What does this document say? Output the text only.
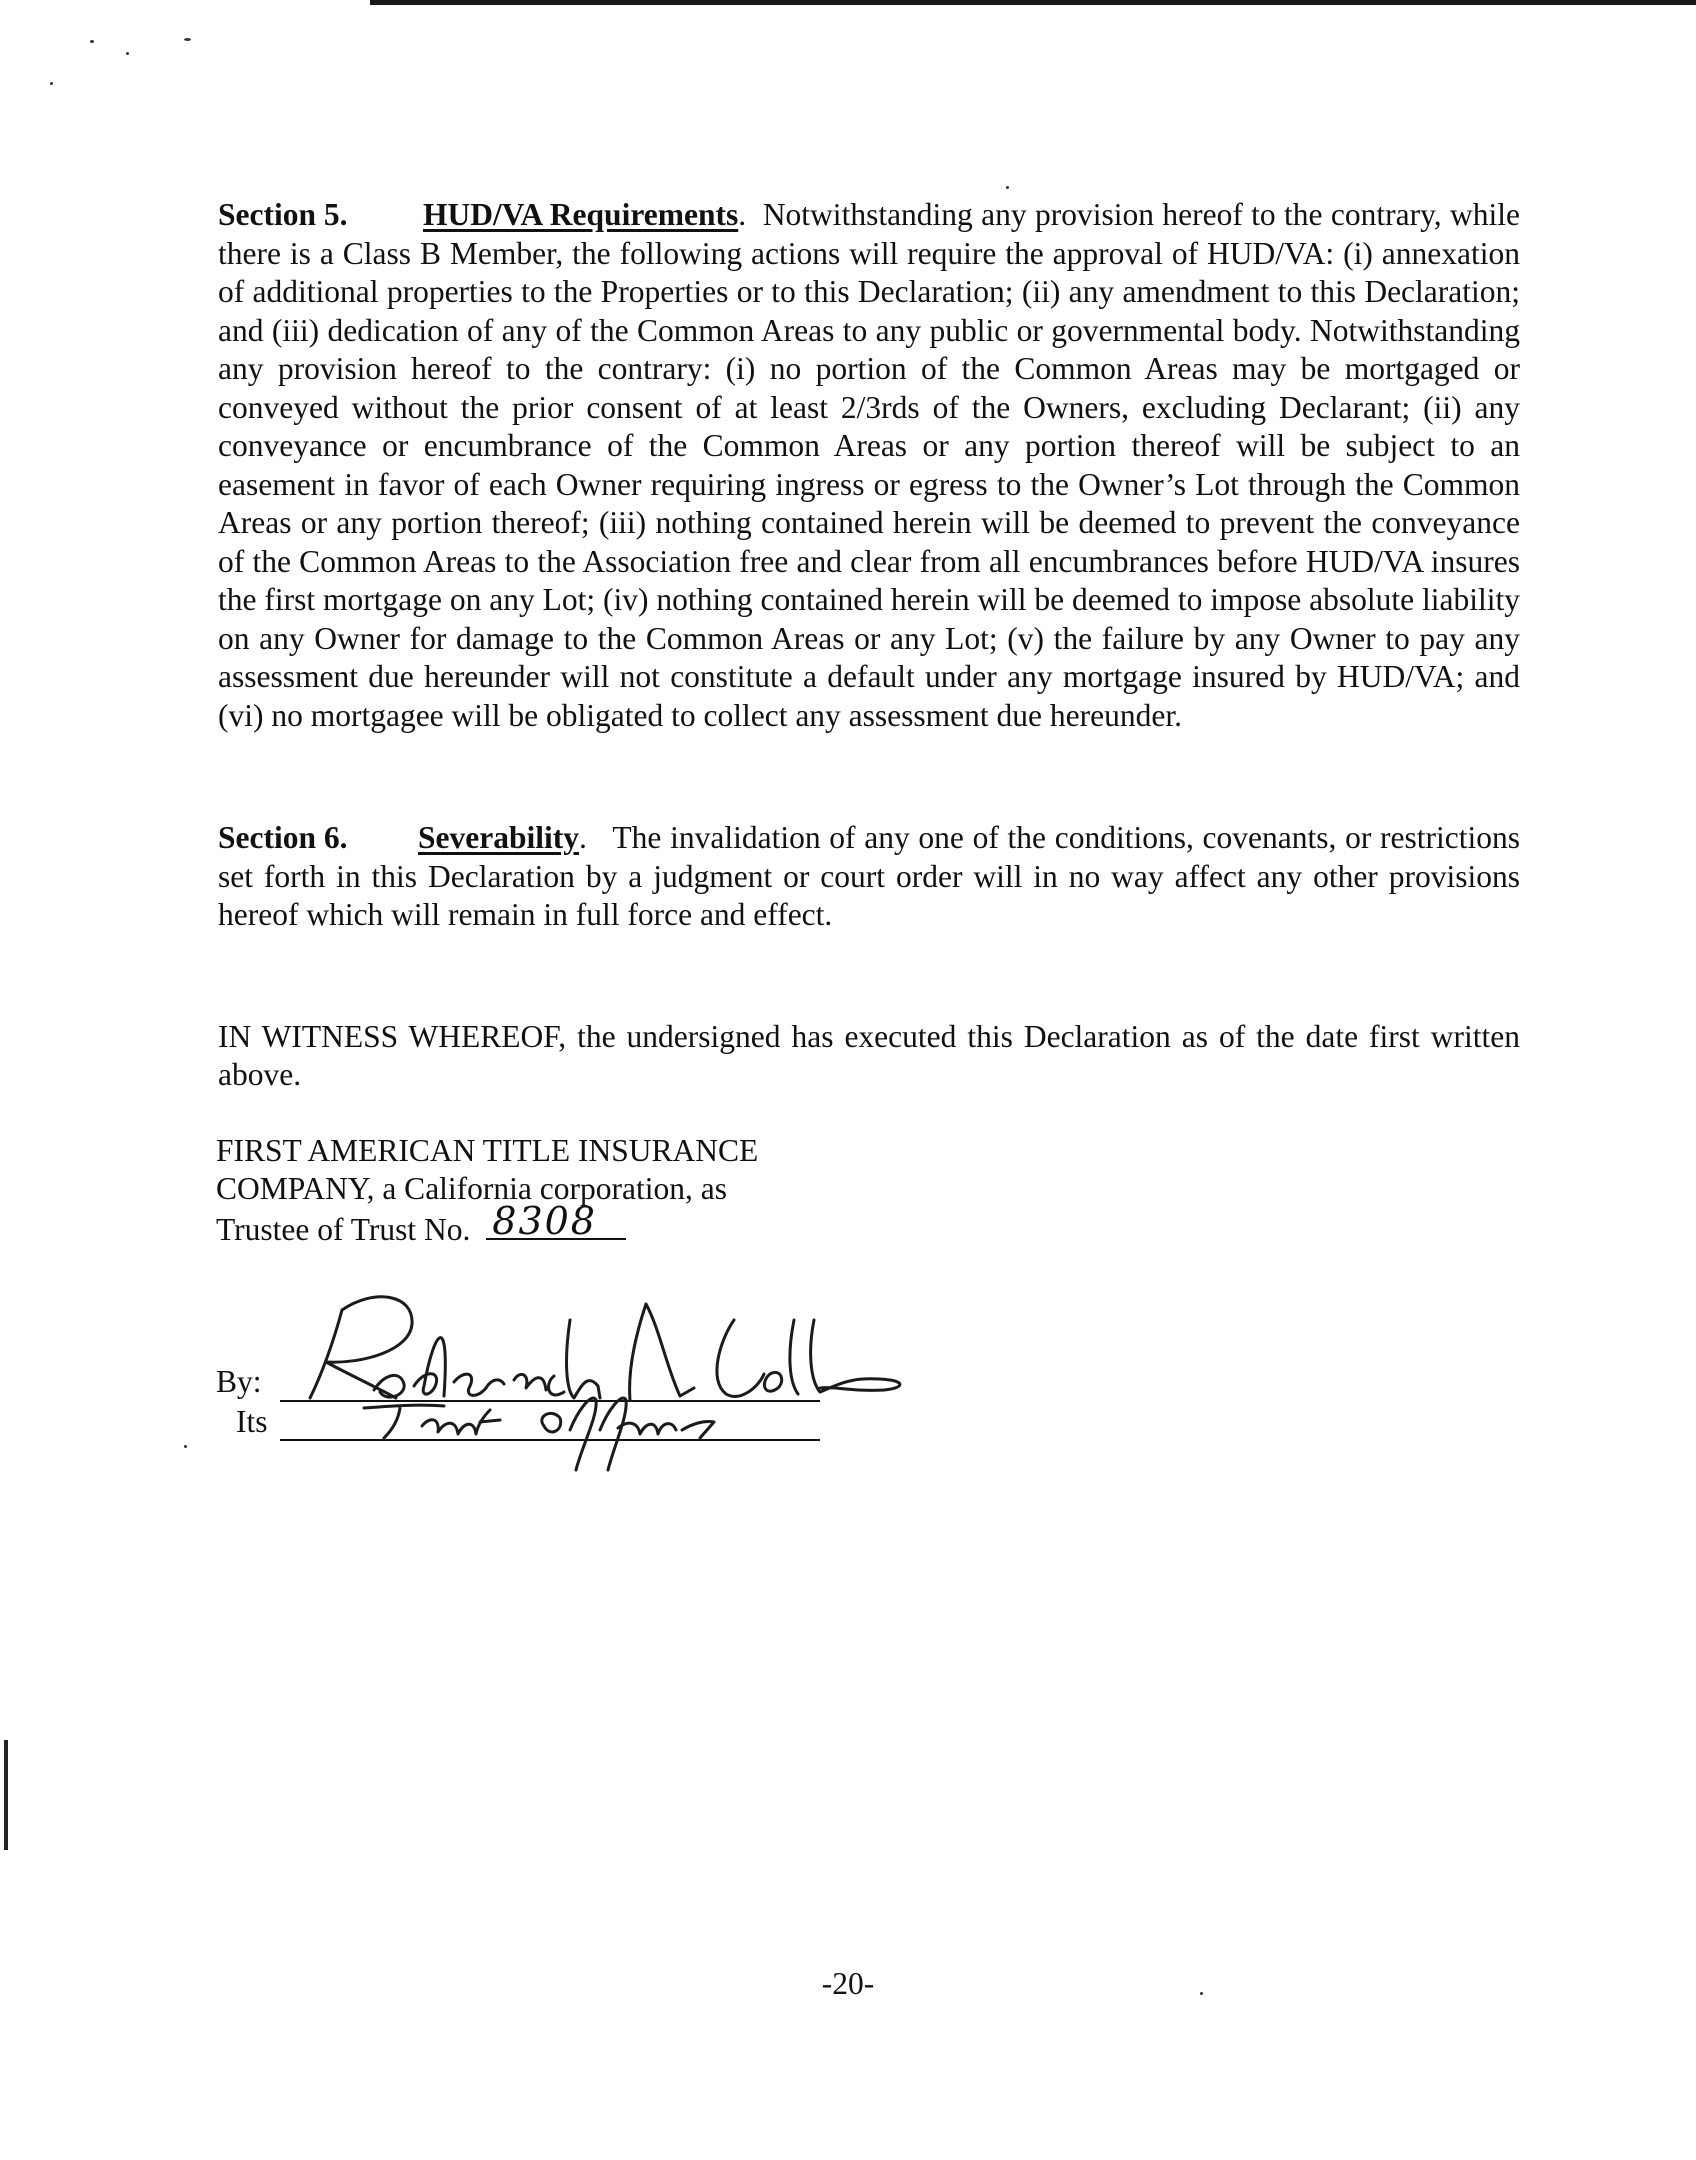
Section 5. HUD/VA Requirements.  Notwithstanding any provision hereof to the contrary, while there is a Class B Member, the following actions will require the approval of HUD/VA: (i) annexation of additional properties to the Properties or to this Declaration; (ii) any amendment to this Declaration; and (iii) dedication of any of the Common Areas to any public or governmental body. Notwithstanding any provision hereof to the contrary: (i) no portion of the Common Areas may be mortgaged or conveyed without the prior consent of at least 2/3rds of the Owners, excluding Declarant; (ii) any conveyance or encumbrance of the Common Areas or any portion thereof will be subject to an easement in favor of each Owner requiring ingress or egress to the Owner’s Lot through the Common Areas or any portion thereof; (iii) nothing contained herein will be deemed to prevent the conveyance of the Common Areas to the Association free and clear from all encumbrances before HUD/VA insures the first mortgage on any Lot; (iv) nothing contained herein will be deemed to impose absolute liability on any Owner for damage to the Common Areas or any Lot; (v) the failure by any Owner to pay any assessment due hereunder will not constitute a default under any mortgage insured by HUD/VA; and (vi) no mortgagee will be obligated to collect any assessment due hereunder.
Section 6. Severability.   The invalidation of any one of the conditions, covenants, or restrictions set forth in this Declaration by a judgment or court order will in no way affect any other provisions hereof which will remain in full force and effect.
IN WITNESS WHEREOF, the undersigned has executed this Declaration as of the date first written above.
FIRST AMERICAN TITLE INSURANCE
COMPANY, a California corporation, as
Trustee of Trust No. 8308
By:
Its
-20-
